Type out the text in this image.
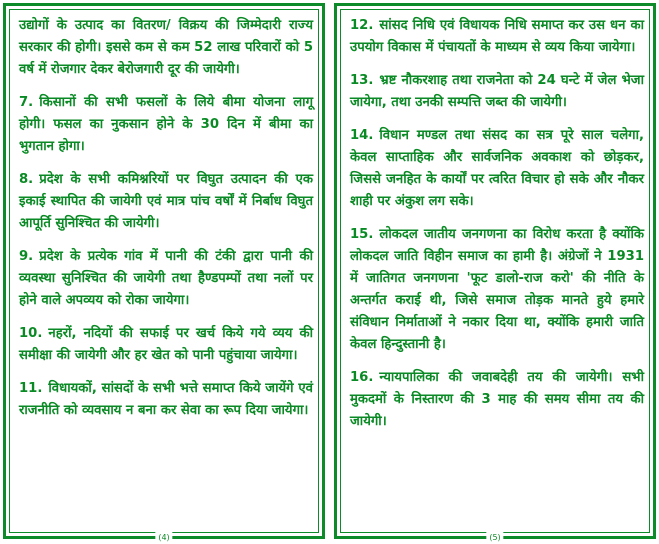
उद्योगों के उत्पाद का वितरण/ विक्रय की जिम्मेदारी राज्य सरकार की होगी। इससे कम से कम 52 लाख परिवारों को 5 वर्ष में रोजगार देकर बेरोजगारी दूर की जायेगी।

7. किसानों की सभी फसलों के लिये बीमा योजना लागू होगी। फसल का नुकसान होने के 30 दिन में बीमा का भुगतान होगा।

8. प्रदेश के सभी कमिश्नरियों पर विघुत उत्पादन की एक इकाई स्थापित की जायेगी एवं मात्र पांच वर्षों में निर्बाध विघुत आपूर्ति सुनिश्चित की जायेगी।

9. प्रदेश के प्रत्येक गांव में पानी की टंकी द्वारा पानी की व्यवस्था सुनिश्चित की जायेगी तथा हैण्डपम्पों तथा नलों पर होने वाले अपव्यय को रोका जायेगा।

10. नहरों, नदियों की सफाई पर खर्च किये गये व्यय की समीक्षा की जायेगी और हर खेत को पानी पहुंचाया जायेगा।

11. विधायकों, सांसदों के सभी भत्ते समाप्त किये जायेंगे एवं राजनीति को व्यवसाय न बना कर सेवा का रूप दिया जायेगा।

(4)

12. सांसद निधि एवं विधायक निधि समाप्त कर उस धन का उपयोग विकास में पंचायतों के माध्यम से व्यय किया जायेगा।

13. भ्रष्ट नौकरशाह तथा राजनेता को 24 घन्टे में जेल भेजा जायेगा, तथा उनकी सम्पत्ति जब्त की जायेगी।

14. विधान मण्डल तथा संसद का सत्र पूरे साल चलेगा, केवल साप्ताहिक और सार्वजनिक अवकाश को छोड़कर, जिससे जनहित के कार्यों पर त्वरित विचार हो सके और नौकर शाही पर अंकुश लग सके।

15. लोकदल जातीय जनगणना का विरोध करता है क्योंकि लोकदल जाति विहीन समाज का हामी है। अंग्रेजों ने 1931 में जातिगत जनगणना 'फूट डालो-राज करो' की नीति के अन्तर्गत कराई थी, जिसे समाज तोड़क मानते हुये हमारे संविधान निर्माताओं ने नकार दिया था, क्योंकि हमारी जाति केवल हिन्दुस्तानी है।

16. न्यायपालिका की जवाबदेही तय की जायेगी। सभी मुकदमों के निस्तारण की 3 माह की समय सीमा तय की जायेगी।

(5)
